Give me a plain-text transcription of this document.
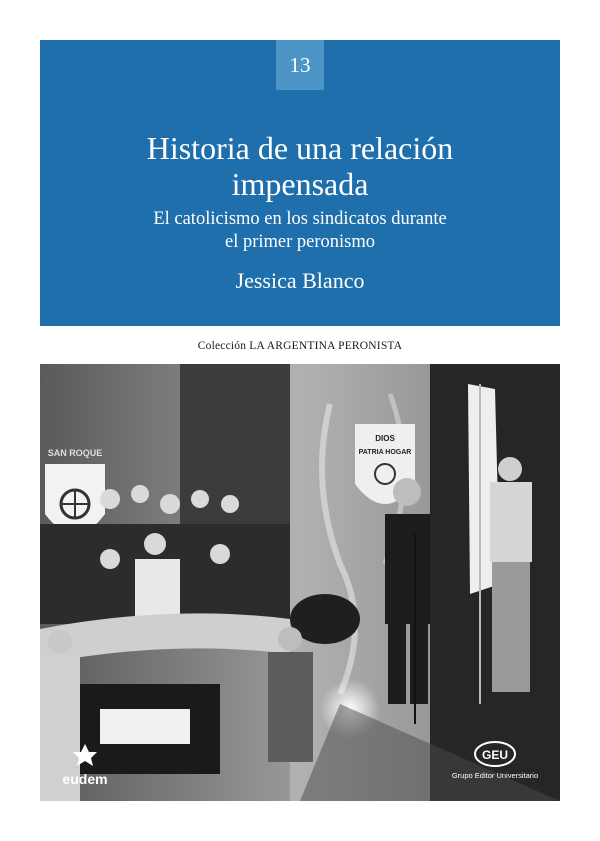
13
Historia de una relación
impensada
El catolicismo en los sindicatos durante
el primer peronismo
Jessica Blanco
Colección LA ARGENTINA PERONISTA
SAN ROQUE
DIOS
PATRIA HOGAR
eudem
GEU
Grupo Editor Universitario
